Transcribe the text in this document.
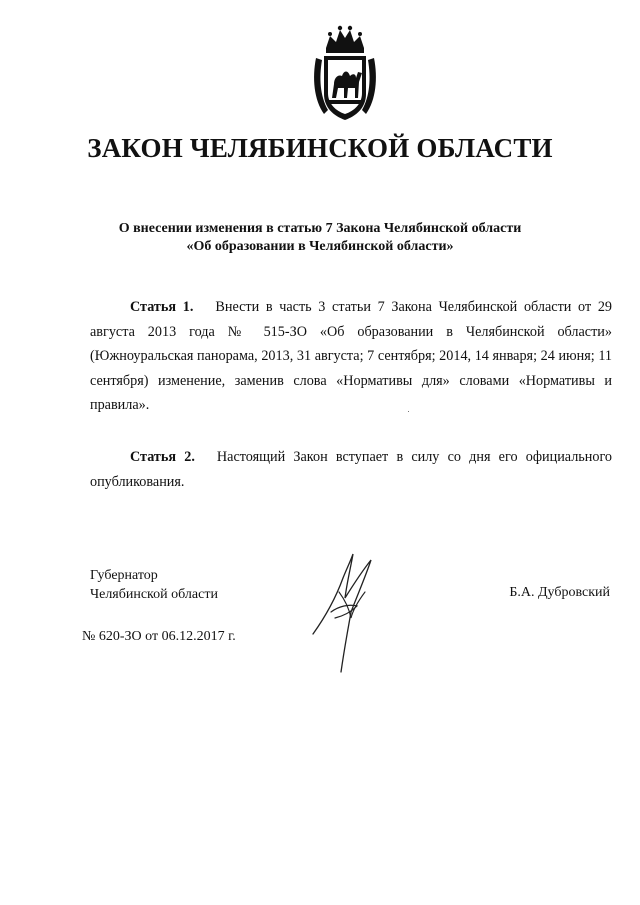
ЗАКОН ЧЕЛЯБИНСКОЙ ОБЛАСТИ
О внесении изменения в статью 7 Закона Челябинской области
«Об образовании в Челябинской области»
Статья 1. Внести в часть 3 статьи 7 Закона Челябинской области от 29 августа 2013 года № 515-ЗО «Об образовании в Челябинской области» (Южноуральская панорама, 2013, 31 августа; 7 сентября; 2014, 14 января; 24 июня; 11 сентября) изменение, заменив слова «Нормативы для» словами «Нормативы и правила».
Статья 2. Настоящий Закон вступает в силу со дня его официального опубликования.
Губернатор
Челябинской области	Б.А. Дубровский
№ 620-ЗО от 06.12.2017 г.
